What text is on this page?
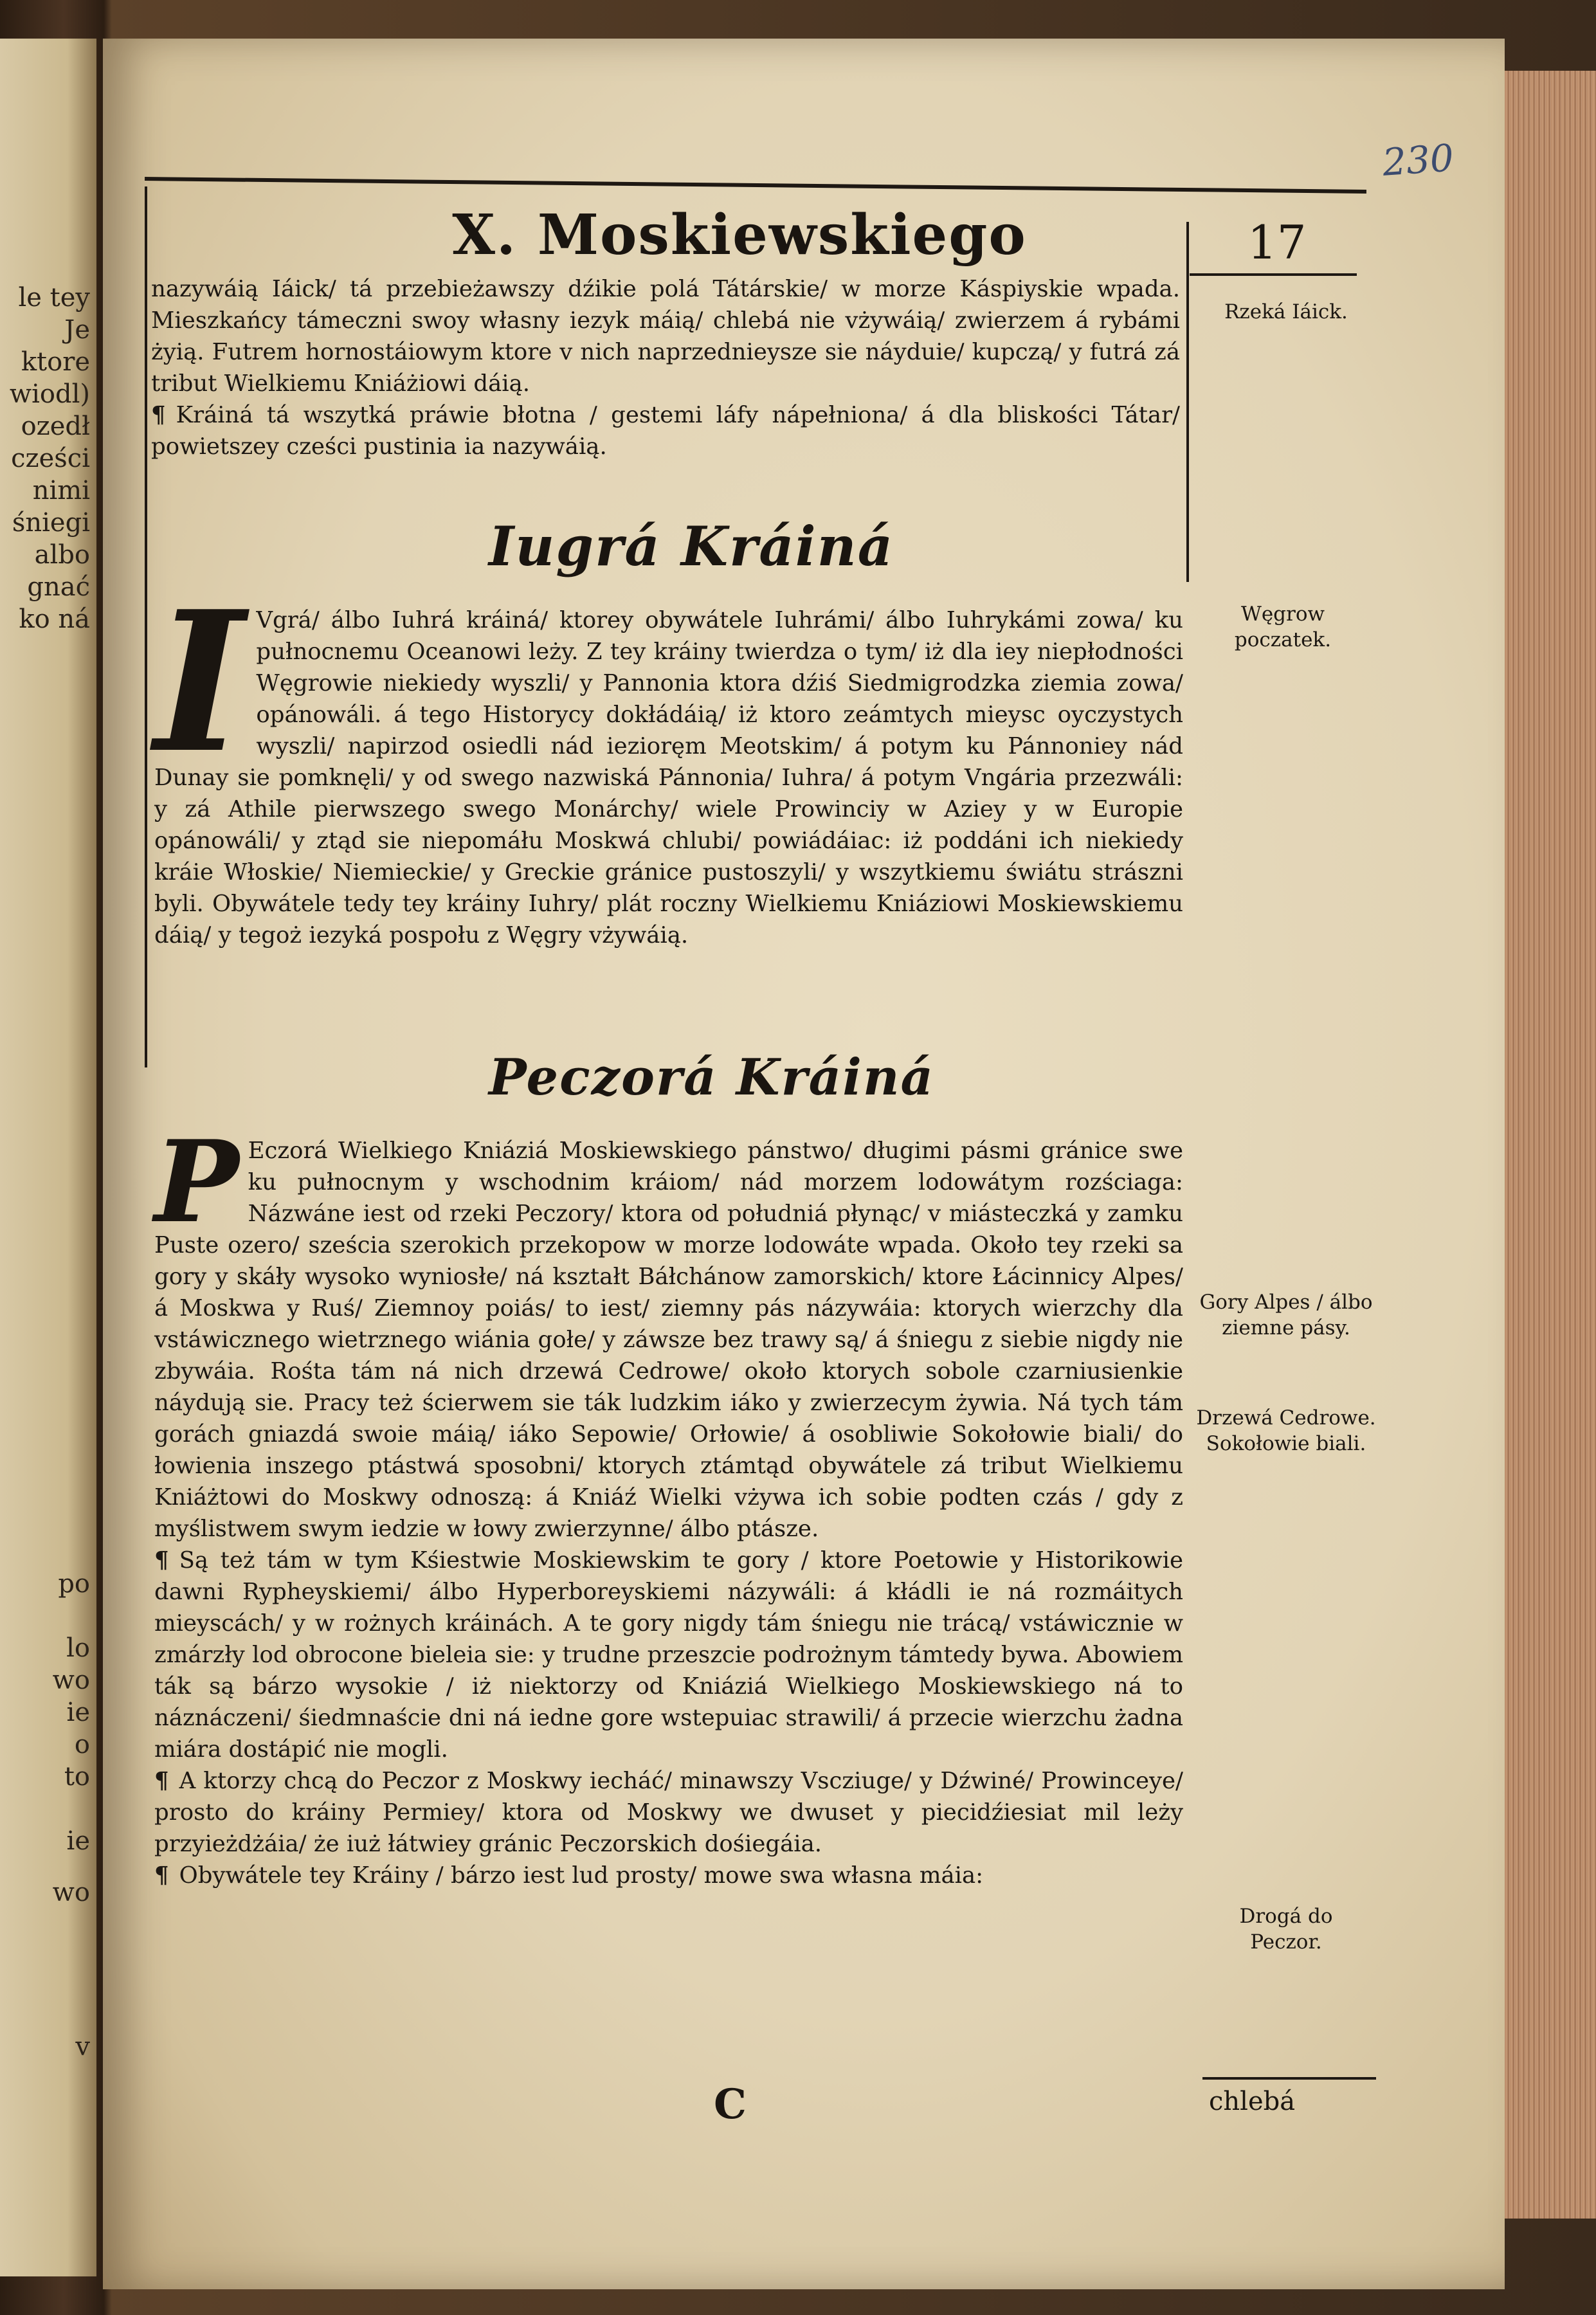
le tey
Je
ktore
wiodl)
ozedł
cześci
nimi
śniegi
albo
gnać
ko ná
po
lo
wo
ie
o
to
ie
wo
v
230
X. Moskiewskiego	17

nazywáią Iáick/ tá przebieżawszy dźikie polá Tátárskie/ w morze Káspiyskie wpada. Mieszkańcy támeczni swoy własny iezyk máią/ chlebá nie vżywáią/ zwierzem á rybámi żyią. Futrem hornostáiowym ktore v nich naprzednieysze sie náyduie/ kupczą/ y futrá zá tribut Wielkiemu Kniáżiowi dáią.

¶ Kráiná tá wszytká práwie błotna / gestemi láfy nápełniona/ á dla bliskości Tátar/ powietszey cześci pustinia ia nazywáią.

Iugrá Kráiná

I Vgrá/ álbo Iuhrá kráiná/ ktorey obywátele Iuhrámi/ álbo Iuhrykámi zowa/ ku pułnocnemu Oceanowi leży. Z tey kráiny twierdza o tym/ iż dla iey niepłodności Węgrowie niekiedy wyszli/ y Pannonia ktora dźiś Siedmigrodzka ziemia zowa/ opánowáli. á tego Historycy dokłádáią/ iż ktoro zeámtych mieysc oyczystych wyszli/ napirzod osiedli nád iezioręm Meotskim/ á potym ku Pánnoniey nád Dunay sie pomknęli/ y od swego nazwiská Pánnonia/ Iuhra/ á potym Vngária przezwáli: y zá Athile pierwszego swego Monárchy/ wiele Prowinciy w Aziey y w Europie opánowáli/ y ztąd sie niepomáłu Moskwá chlubi/ powiádáiac: iż poddáni ich niekiedy kráie Włoskie/ Niemieckie/ y Greckie gránice pustoszyli/ y wszytkiemu świátu strászni byli. Obywátele tedy tey kráiny Iuhry/ plát roczny Wielkiemu Kniáziowi Moskiewskiemu dáią/ y tegoż iezyká pospołu z Węgry vżywáią.

Peczorá Kráiná

P Eczorá Wielkiego Kniáziá Moskiewskiego pánstwo/ długimi pásmi gránice swe ku pułnocnym y wschodnim kráiom/ nád morzem lodowátym rozściaga: Názwáne iest od rzeki Peczory/ ktora od południá płynąc/ v miásteczká y zamku Puste ozero/ sześcia szerokich przekopow w morze lodowáte wpada. Około tey rzeki sa gory y skáły wysoko wyniosłe/ ná kształt Báłchánow zamorskich/ ktore Łácinnicy Alpes/ á Moskwa y Ruś/ Ziemnoy poiás/ to iest/ ziemny pás názywáia: ktorych wierzchy dla vstáwicznego wietrznego wiánia gołe/ y záwsze bez trawy są/ á śniegu z siebie nigdy nie zbywáia. Rośta tám ná nich drzewá Cedrowe/ około ktorych sobole czarniusienkie náydują sie. Pracy też ścierwem sie ták ludzkim iáko y zwierzecym żywia. Ná tych tám gorách gniazdá swoie máią/ iáko Sepowie/ Orłowie/ á osobliwie Sokołowie biali/ do łowienia inszego ptástwá sposobni/ ktorych ztámtąd obywátele zá tribut Wielkiemu Kniáżtowi do Moskwy odnoszą: á Kniáź Wielki vżywa ich sobie podten czás / gdy z myślistwem swym iedzie w łowy zwierzynne/ álbo ptásze.

¶ Są też tám w tym Kśiestwie Moskiewskim te gory / ktore Poetowie y Historikowie dawni Rypheyskiemi/ álbo Hyperboreyskiemi názywáli: á kłádli ie ná rozmáitych mieyscách/ y w rożnych kráinách. A te gory nigdy tám śniegu nie trácą/ vstáwicznie w zmárzły lod obrocone bieleia sie: y trudne przeszcie podrożnym támtedy bywa. Abowiem ták są bárzo wysokie / iż niektorzy od Kniáziá Wielkiego Moskiewskiego ná to náznáczeni/ śiedmnaście dni ná iedne gore wstepuiac strawili/ á przecie wierzchu żadna miára dostápić nie mogli.

¶ A ktorzy chcą do Peczor z Moskwy iecháć/ minawszy Vscziuge/ y Dźwiné/ Prowinceye/ prosto do kráiny Permiey/ ktora od Moskwy we dwuset y piecidźiesiat mil leży przyieżdżáia/ że iuż łátwiey gránic Peczorskich dośiegáia.

¶ Obywátele tey Kráiny / bárzo iest lud prosty/ mowe swa własna máia:

Rzeká Iáick.
Węgrow poczatek.
Gory Alpes / álbo ziemne pásy.
Drzewá Cedrowe. Sokołowie biali.
Drogá do Peczor.
C	chlebá
